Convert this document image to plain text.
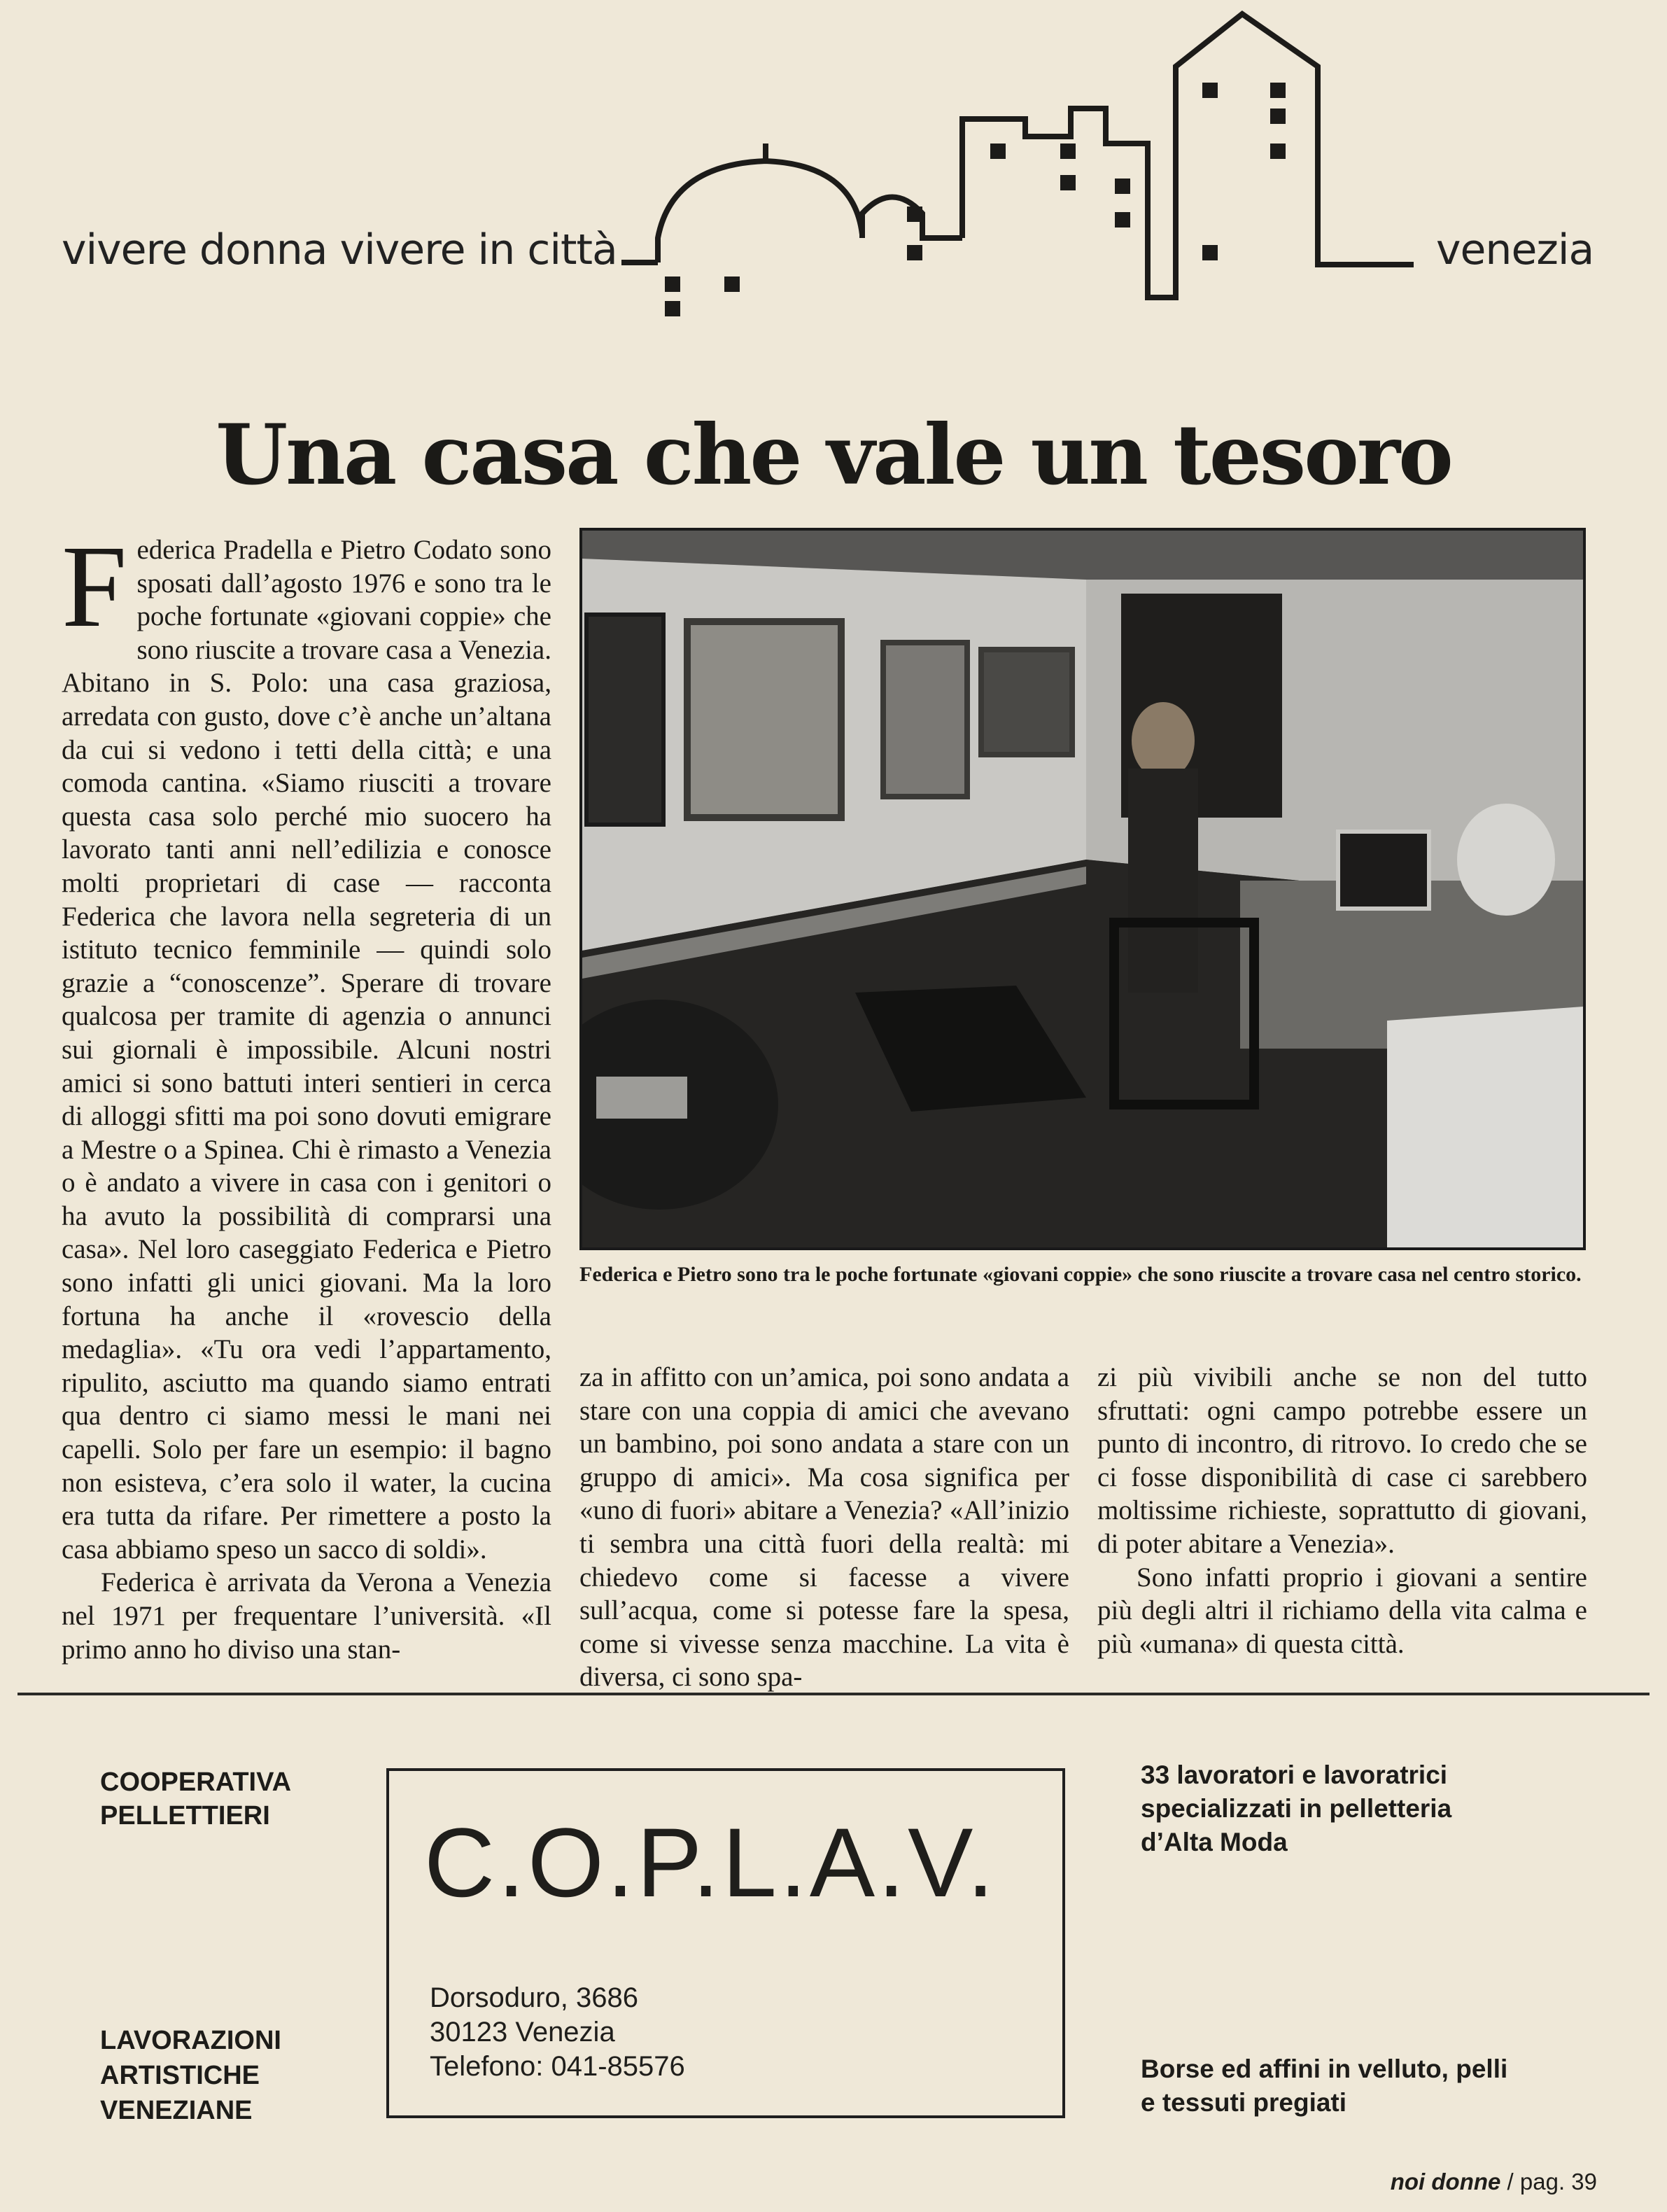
vivere donna vivere in città	venezia
Una casa che vale un tesoro

Federica Pradella e Pietro Codato sono sposati dall’agosto 1976 e sono tra le poche fortunate «giovani coppie» che sono riuscite a trovare casa a Venezia. Abitano in S. Polo: una casa graziosa, arredata con gusto, dove c’è anche un’altana da cui si vedono i tetti della città; e una comoda cantina. «Siamo riusciti a trovare questa casa solo perché mio suocero ha lavorato tanti anni nell’edilizia e conosce molti proprietari di case — racconta Federica che lavora nella segreteria di un istituto tecnico femminile — quindi solo grazie a “conoscenze”. Sperare di trovare qualcosa per tramite di agenzia o annunci sui giornali è impossibile. Alcuni nostri amici si sono battuti interi sentieri in cerca di alloggi sfitti ma poi sono dovuti emigrare a Mestre o a Spinea. Chi è rimasto a Venezia o è andato a vivere in casa con i genitori o ha avuto la possibilità di comprarsi una casa». Nel loro caseggiato Federica e Pietro sono infatti gli unici giovani. Ma la loro fortuna ha anche il «rovescio della medaglia». «Tu ora vedi l’appartamento, ripulito, asciutto ma quando siamo entrati qua dentro ci siamo messi le mani nei capelli. Solo per fare un esempio: il bagno non esisteva, c’era solo il water, la cucina era tutta da rifare. Per rimettere a posto la casa abbiamo speso un sacco di soldi».

Federica è arrivata da Verona a Venezia nel 1971 per frequentare l’università. «Il primo anno ho diviso una stan-

Federica e Pietro sono tra le poche fortunate «giovani coppie» che sono riuscite a trovare casa nel centro storico.

za in affitto con un’amica, poi sono andata a stare con una coppia di amici che avevano un bambino, poi sono andata a stare con un gruppo di amici». Ma cosa significa per «uno di fuori» abitare a Venezia? «All’inizio ti sembra una città fuori della realtà: mi chiedevo come si facesse a vivere sull’acqua, come si potesse fare la spesa, come si vivesse senza macchine. La vita è diversa, ci sono spa-

zi più vivibili anche se non del tutto sfruttati: ogni campo potrebbe essere un punto di incontro, di ritrovo. Io credo che se ci fosse disponibilità di case ci sarebbero moltissime richieste, soprattutto di giovani, di poter abitare a Venezia».

Sono infatti proprio i giovani a sentire più degli altri il richiamo della vita calma e più «umana» di questa città.

COOPERATIVA
PELLETTIERI
LAVORAZIONI
ARTISTICHE
VENEZIANE
C.O.P.L.A.V.
Dorsoduro, 3686
30123 Venezia
Telefono: 041-85576
33 lavoratori e lavoratrici
specializzati in pelletteria
d’Alta Moda
Borse ed affini in velluto, pelli
e tessuti pregiati
noi donne / pag. 39
